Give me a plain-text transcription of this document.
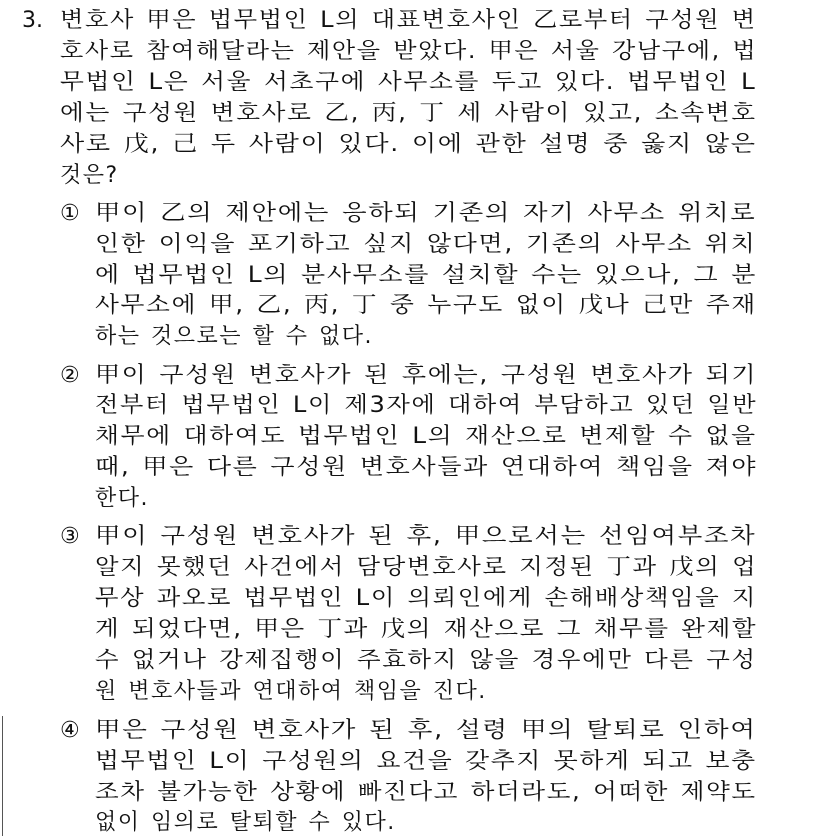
3. 변호사 甲은 법무법인 L의 대표변호사인 乙로부터 구성원 변
호사로 참여해달라는 제안을 받았다. 甲은 서울 강남구에, 법
무법인 L은 서울 서초구에 사무소를 두고 있다. 법무법인 L
에는 구성원 변호사로 乙, 丙, 丁 세 사람이 있고, 소속변호
사로 戊, 己 두 사람이 있다. 이에 관한 설명 중 옳지 않은
것은?
① 甲이 乙의 제안에는 응하되 기존의 자기 사무소 위치로
인한 이익을 포기하고 싶지 않다면, 기존의 사무소 위치
에 법무법인 L의 분사무소를 설치할 수는 있으나, 그 분
사무소에 甲, 乙, 丙, 丁 중 누구도 없이 戊나 己만 주재
하는 것으로는 할 수 없다.
② 甲이 구성원 변호사가 된 후에는, 구성원 변호사가 되기
전부터 법무법인 L이 제3자에 대하여 부담하고 있던 일반
채무에 대하여도 법무법인 L의 재산으로 변제할 수 없을
때, 甲은 다른 구성원 변호사들과 연대하여 책임을 져야
한다.
③ 甲이 구성원 변호사가 된 후, 甲으로서는 선임여부조차
알지 못했던 사건에서 담당변호사로 지정된 丁과 戊의 업
무상 과오로 법무법인 L이 의뢰인에게 손해배상책임을 지
게 되었다면, 甲은 丁과 戊의 재산으로 그 채무를 완제할
수 없거나 강제집행이 주효하지 않을 경우에만 다른 구성
원 변호사들과 연대하여 책임을 진다.
④ 甲은 구성원 변호사가 된 후, 설령 甲의 탈퇴로 인하여
법무법인 L이 구성원의 요건을 갖추지 못하게 되고 보충
조차 불가능한 상황에 빠진다고 하더라도, 어떠한 제약도
없이 임의로 탈퇴할 수 있다.
